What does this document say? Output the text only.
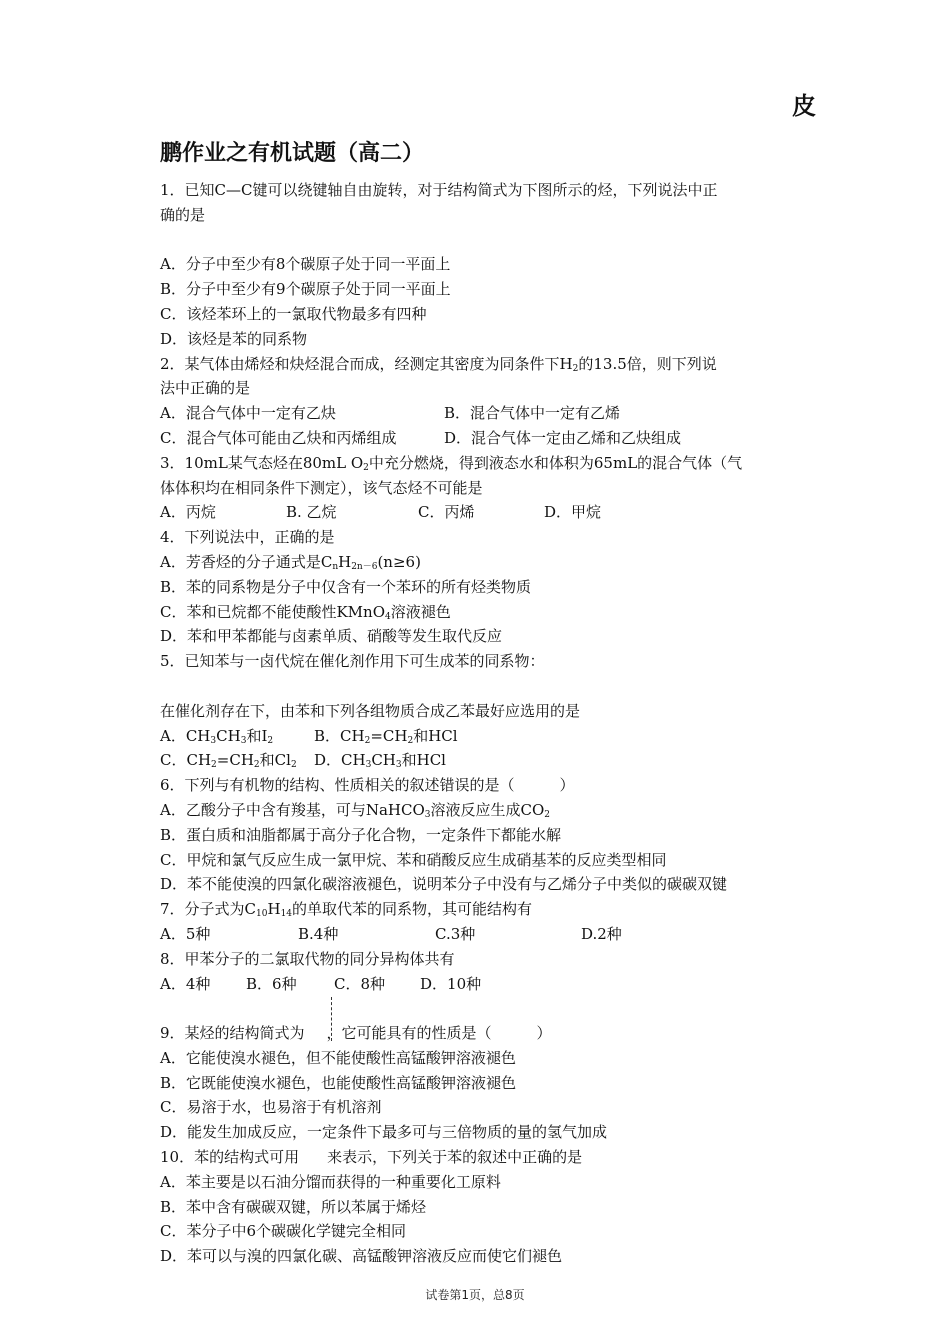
皮
鹏作业之有机试题（高二）
1．已知C—C键可以绕键轴自由旋转，对于结构简式为下图所示的烃，下列说法中正
确的是
A．分子中至少有8个碳原子处于同一平面上
B．分子中至少有9个碳原子处于同一平面上
C．该烃苯环上的一氯取代物最多有四种
D．该烃是苯的同系物
2．某气体由烯烃和炔烃混合而成，经测定其密度为同条件下$H_2$的13.5倍，则下列说
法中正确的是
A．混合气体中一定有乙炔	B．混合气体中一定有乙烯
C．混合气体可能由乙炔和丙烯组成	D．混合气体一定由乙烯和乙炔组成
3．10mL某气态烃在80mL $O_2$中充分燃烧，得到液态水和体积为65mL的混合气体（气
体体积均在相同条件下测定），该气态烃不可能是
A．丙烷	B. 乙烷	C．丙烯	D．甲烷
4．下列说法中，正确的是
A．芳香烃的分子通式是$C_nH_{2n-6}(n\ge 6)$
B．苯的同系物是分子中仅含有一个苯环的所有烃类物质
C．苯和已烷都不能使酸性KMnO$_4$溶液褪色
D．苯和甲苯都能与卤素单质、硝酸等发生取代反应
5．已知苯与一卤代烷在催化剂作用下可生成苯的同系物：
在催化剂存在下，由苯和下列各组物质合成乙苯最好应选用的是
A．$CH_3CH_3$和$I_2$	B．$CH_2=CH_2$和HCl
C．$CH_2=CH_2$和$Cl_2$	D．$CH_3CH_3$和HCl
6．下列与有机物的结构、性质相关的叙述错误的是（　　　）
A．乙酸分子中含有羧基，可与NaHCO$_3$溶液反应生成$CO_2$
B．蛋白质和油脂都属于高分子化合物，一定条件下都能水解
C．甲烷和氯气反应生成一氯甲烷、苯和硝酸反应生成硝基苯的反应类型相同
D．苯不能使溴的四氯化碳溶液褪色，说明苯分子中没有与乙烯分子中类似的碳碳双键
7．分子式为$C_{10}H_{14}$的单取代苯的同系物，其可能结构有
A．5种	B.4种	C.3种	D.2种
8．甲苯分子的二氯取代物的同分异构体共有
A．4种	B．6种	C．8种	D．10种
9．某烃的结构简式为 ，它可能具有的性质是（　　　）
A．它能使溴水褪色，但不能使酸性高锰酸钾溶液褪色
B．它既能使溴水褪色，也能使酸性高锰酸钾溶液褪色
C．易溶于水，也易溶于有机溶剂
D．能发生加成反应，一定条件下最多可与三倍物质的量的氢气加成
10．苯的结构式可用 来表示，下列关于苯的叙述中正确的是
A．苯主要是以石油分馏而获得的一种重要化工原料
B．苯中含有碳碳双键，所以苯属于烯烃
C．苯分子中6个碳碳化学键完全相同
D．苯可以与溴的四氯化碳、高锰酸钾溶液反应而使它们褪色
试卷第1页，总8页
